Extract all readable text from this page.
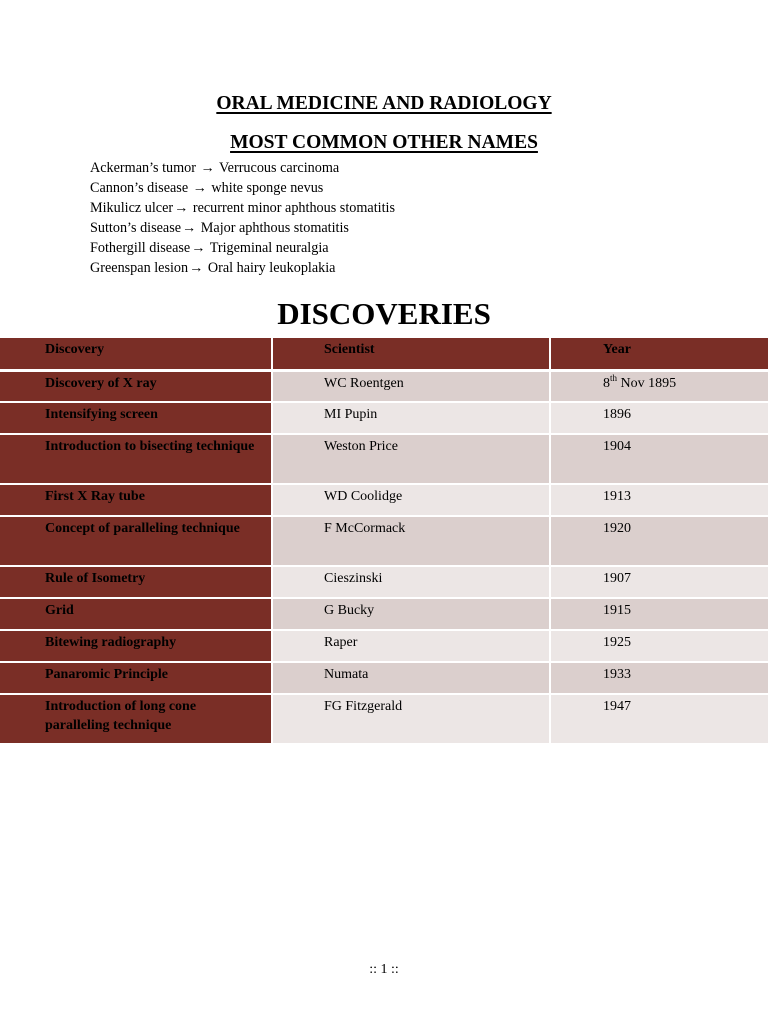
ORAL MEDICINE AND RADIOLOGY
MOST COMMON OTHER NAMES
Ackerman’s tumor → Verrucous carcinoma
Cannon’s disease → white sponge nevus
Mikulicz ulcer→ recurrent minor aphthous stomatitis
Sutton’s disease→ Major aphthous stomatitis
Fothergill disease→ Trigeminal neuralgia
Greenspan lesion→ Oral hairy leukoplakia
DISCOVERIES
Discovery	Scientist	Year

Discovery of X ray	WC Roentgen	8th Nov 1895

Intensifying screen	MI Pupin	1896

Introduction to bisecting technique	Weston Price	1904

First X Ray tube	WD Coolidge	1913

Concept of paralleling technique	F McCormack	1920

Rule of Isometry	Cieszinski	1907

Grid	G Bucky	1915

Bitewing radiography	Raper	1925

Panaromic Principle	Numata	1933

Introduction of long cone paralleling technique	FG Fitzgerald	1947
:: 1 ::
